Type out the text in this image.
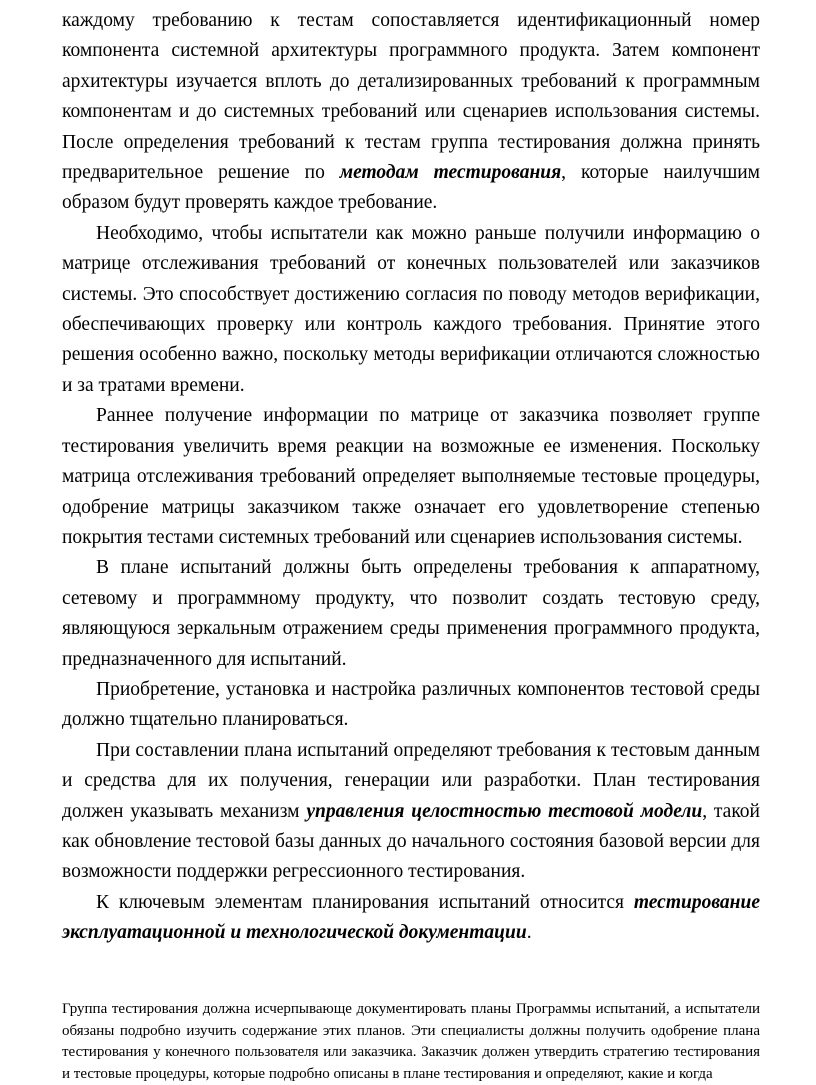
каждому требованию к тестам сопоставляется идентификационный номер компонента системной архитектуры программного продукта. Затем компонент архитектуры изучается вплоть до детализированных требований к программным компонентам и до системных требований или сценариев использования системы. После определения требований к тестам группа тестирования должна принять предварительное решение по методам тестирования, которые наилучшим образом будут проверять каждое требование.

Необходимо, чтобы испытатели как можно раньше получили информацию о матрице отслеживания требований от конечных пользователей или заказчиков системы. Это способствует достижению согласия по поводу методов верификации, обеспечивающих проверку или контроль каждого требования. Принятие этого решения особенно важно, поскольку методы верификации отличаются сложностью и за тратами времени.

Раннее получение информации по матрице от заказчика позволяет группе тестирования увеличить время реакции на возможные ее изменения. Поскольку матрица отслеживания требований определяет выполняемые тестовые процедуры, одобрение матрицы заказчиком также означает его удовлетворение степенью покрытия тестами системных требований или сценариев использования системы.

В плане испытаний должны быть определены требования к аппаратному, сетевому и программному продукту, что позволит создать тестовую среду, являющуюся зеркальным отражением среды применения программного продукта, предназначенного для испытаний.

Приобретение, установка и настройка различных компонентов тестовой среды должно тщательно планироваться.

При составлении плана испытаний определяют требования к тестовым данным и средства для их получения, генерации или разработки. План тестирования должен указывать механизм управления целостностью тестовой модели, такой как обновление тестовой базы данных до начального состояния базовой версии для возможности поддержки регрессионного тестирования.

К ключевым элементам планирования испытаний относится тестирование эксплуатационной и технологической документации.

Группа тестирования должна исчерпывающе документировать планы Программы испытаний, а испытатели обязаны подробно изучить содержание этих планов. Эти специалисты должны получить одобрение плана тестирования у конечного пользователя или заказчика. Заказчик должен утвердить стратегию тестирования и тестовые процедуры, которые подробно описаны в плане тестирования и определяют, какие и когда
